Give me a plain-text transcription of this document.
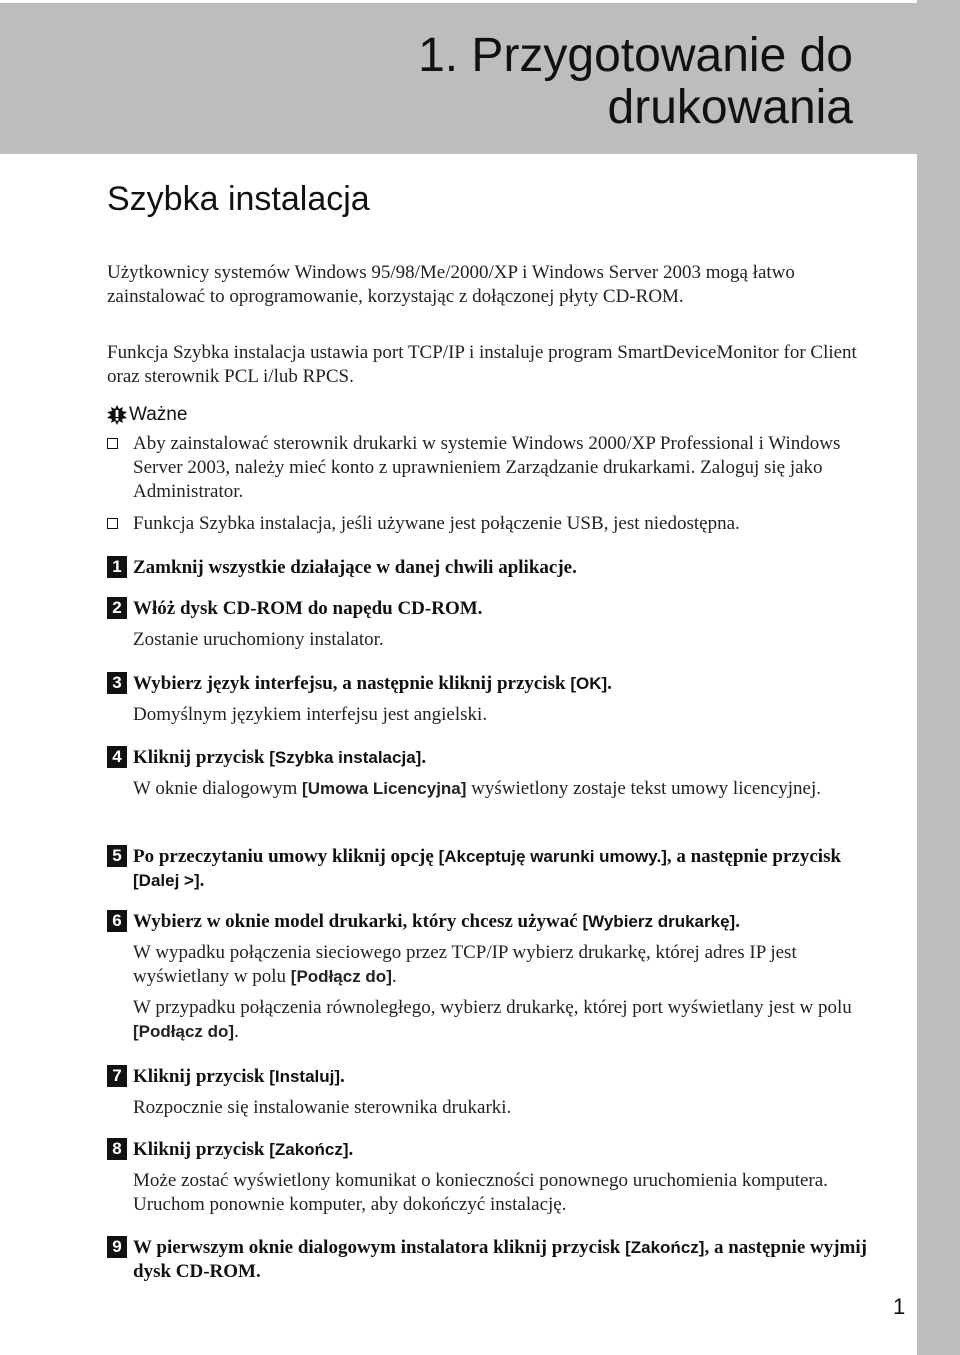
1. Przygotowanie do
drukowania
Szybka instalacja

Użytkownicy systemów Windows 95/98/Me/2000/XP i Windows Server 2003 mogą łatwo zainstalować to oprogramowanie, korzystając z dołączonej płyty CD-ROM.

Funkcja Szybka instalacja ustawia port TCP/IP i instaluje program SmartDeviceMonitor for Client oraz sterownik PCL i/lub RPCS.

Ważne
Aby zainstalować sterownik drukarki w systemie Windows 2000/XP Professional i Windows Server 2003, należy mieć konto z uprawnieniem Zarządzanie drukarkami. Zaloguj się jako Administrator.
Funkcja Szybka instalacja, jeśli używane jest połączenie USB, jest niedostępna.
1 Zamknij wszystkie działające w danej chwili aplikacje.
2 Włóż dysk CD-ROM do napędu CD-ROM.
Zostanie uruchomiony instalator.
3 Wybierz język interfejsu, a następnie kliknij przycisk [OK].
Domyślnym językiem interfejsu jest angielski.
4 Kliknij przycisk [Szybka instalacja].
W oknie dialogowym [Umowa Licencyjna] wyświetlony zostaje tekst umowy licencyjnej.
5 Po przeczytaniu umowy kliknij opcję [Akceptuję warunki umowy.], a następnie przycisk [Dalej >].
6 Wybierz w oknie model drukarki, który chcesz używać [Wybierz drukarkę].
W wypadku połączenia sieciowego przez TCP/IP wybierz drukarkę, której adres IP jest wyświetlany w polu [Podłącz do].
W przypadku połączenia równoległego, wybierz drukarkę, której port wyświetlany jest w polu [Podłącz do].
7 Kliknij przycisk [Instaluj].
Rozpocznie się instalowanie sterownika drukarki.
8 Kliknij przycisk [Zakończ].
Może zostać wyświetlony komunikat o konieczności ponownego uruchomienia komputera. Uruchom ponownie komputer, aby dokończyć instalację.
9 W pierwszym oknie dialogowym instalatora kliknij przycisk [Zakończ], a następnie wyjmij dysk CD-ROM.
1
